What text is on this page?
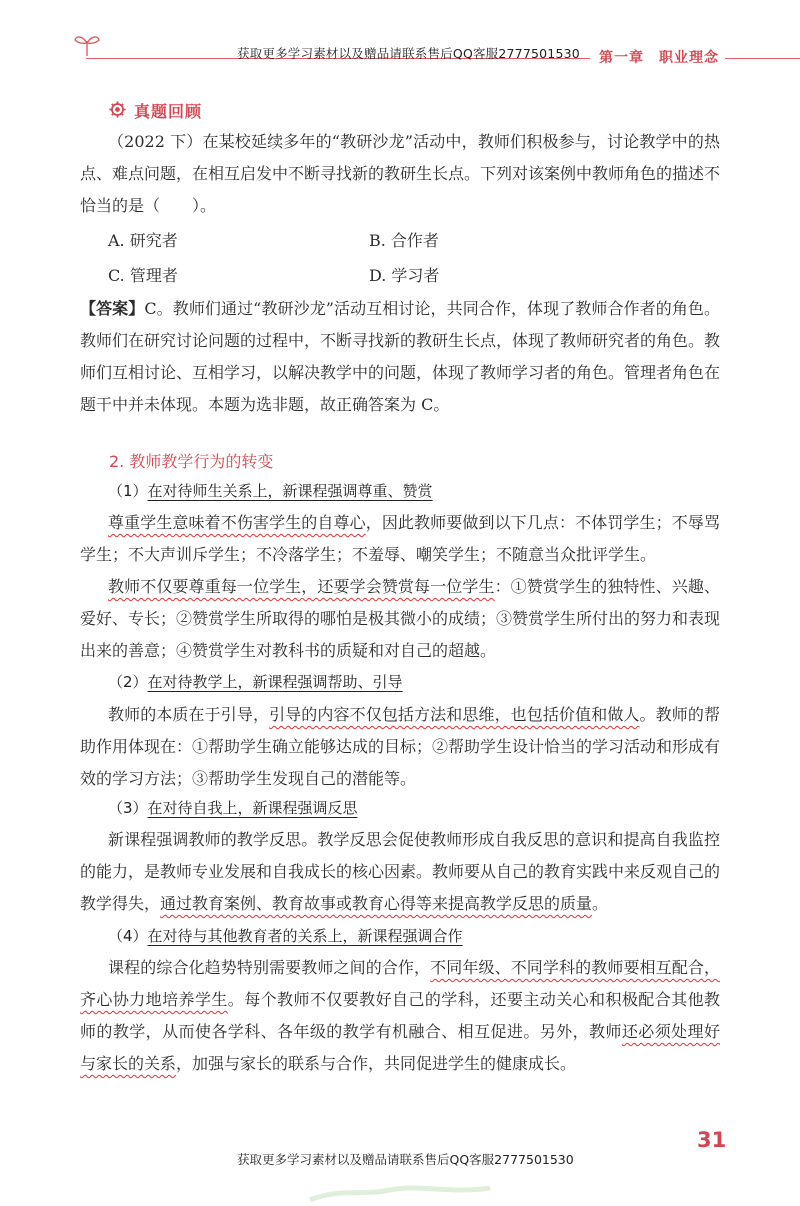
获取更多学习素材以及赠品请联系售后QQ客服2777501530 第一章　职业理念
真题回顾

（2022 下）在某校延续多年的“教研沙龙”活动中，教师们积极参与，讨论教学中的热点、难点问题，在相互启发中不断寻找新的教研生长点。下列对该案例中教师角色的描述不恰当的是（　　）。

A. 研究者	B. 合作者
C. 管理者	D. 学习者

【答案】C。教师们通过“教研沙龙”活动互相讨论，共同合作，体现了教师合作者的角色。教师们在研究讨论问题的过程中，不断寻找新的教研生长点，体现了教师研究者的角色。教师们互相讨论、互相学习，以解决教学中的问题，体现了教师学习者的角色。管理者角色在题干中并未体现。本题为选非题，故正确答案为 C。

2. 教师教学行为的转变
（1）在对待师生关系上，新课程强调尊重、赞赏

尊重学生意味着不伤害学生的自尊心，因此教师要做到以下几点：不体罚学生；不辱骂学生；不大声训斥学生；不冷落学生；不羞辱、嘲笑学生；不随意当众批评学生。

教师不仅要尊重每一位学生，还要学会赞赏每一位学生：①赞赏学生的独特性、兴趣、爱好、专长；②赞赏学生所取得的哪怕是极其微小的成绩；③赞赏学生所付出的努力和表现出来的善意；④赞赏学生对教科书的质疑和对自己的超越。

（2）在对待教学上，新课程强调帮助、引导

教师的本质在于引导，引导的内容不仅包括方法和思维，也包括价值和做人。教师的帮助作用体现在：①帮助学生确立能够达成的目标；②帮助学生设计恰当的学习活动和形成有效的学习方法；③帮助学生发现自己的潜能等。

（3）在对待自我上，新课程强调反思

新课程强调教师的教学反思。教学反思会促使教师形成自我反思的意识和提高自我监控的能力，是教师专业发展和自我成长的核心因素。教师要从自己的教育实践中来反观自己的教学得失，通过教育案例、教育故事或教育心得等来提高教学反思的质量。

（4）在对待与其他教育者的关系上，新课程强调合作

课程的综合化趋势特别需要教师之间的合作，不同年级、不同学科的教师要相互配合，齐心协力地培养学生。每个教师不仅要教好自己的学科，还要主动关心和积极配合其他教师的教学，从而使各学科、各年级的教学有机融合、相互促进。另外，教师还必须处理好与家长的关系，加强与家长的联系与合作，共同促进学生的健康成长。

31
获取更多学习素材以及赠品请联系售后QQ客服2777501530
